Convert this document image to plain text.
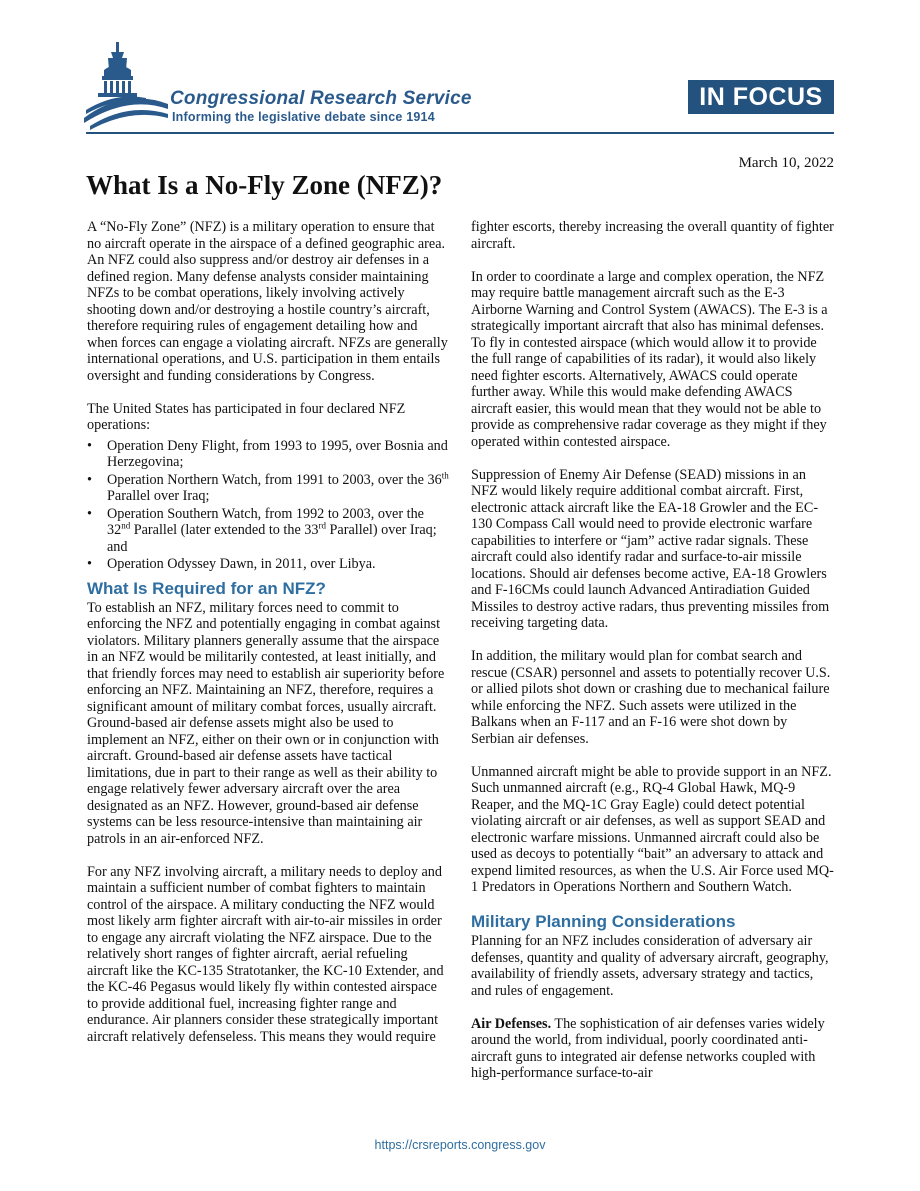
Congressional Research Service
Informing the legislative debate since 1914
IN FOCUS
March 10, 2022
What Is a No-Fly Zone (NFZ)?

A “No-Fly Zone” (NFZ) is a military operation to ensure that no aircraft operate in the airspace of a defined geographic area. An NFZ could also suppress and/or destroy air defenses in a defined region. Many defense analysts consider maintaining NFZs to be combat operations, likely involving actively shooting down and/or destroying a hostile country’s aircraft, therefore requiring rules of engagement detailing how and when forces can engage a violating aircraft. NFZs are generally international operations, and U.S. participation in them entails oversight and funding considerations by Congress.

The United States has participated in four declared NFZ operations:

• Operation Deny Flight, from 1993 to 1995, over Bosnia and Herzegovina;
• Operation Northern Watch, from 1991 to 2003, over the 36th Parallel over Iraq;
• Operation Southern Watch, from 1992 to 2003, over the 32nd Parallel (later extended to the 33rd Parallel) over Iraq; and
• Operation Odyssey Dawn, in 2011, over Libya.
What Is Required for an NFZ?

To establish an NFZ, military forces need to commit to enforcing the NFZ and potentially engaging in combat against violators. Military planners generally assume that the airspace in an NFZ would be militarily contested, at least initially, and that friendly forces may need to establish air superiority before enforcing an NFZ. Maintaining an NFZ, therefore, requires a significant amount of military combat forces, usually aircraft. Ground-based air defense assets might also be used to implement an NFZ, either on their own or in conjunction with aircraft. Ground-based air defense assets have tactical limitations, due in part to their range as well as their ability to engage relatively fewer adversary aircraft over the area designated as an NFZ. However, ground-based air defense systems can be less resource-intensive than maintaining air patrols in an air-enforced NFZ.

For any NFZ involving aircraft, a military needs to deploy and maintain a sufficient number of combat fighters to maintain control of the airspace. A military conducting the NFZ would most likely arm fighter aircraft with air-to-air missiles in order to engage any aircraft violating the NFZ airspace. Due to the relatively short ranges of fighter aircraft, aerial refueling aircraft like the KC-135 Stratotanker, the KC-10 Extender, and the KC-46 Pegasus would likely fly within contested airspace to provide additional fuel, increasing fighter range and endurance. Air planners consider these strategically important aircraft relatively defenseless. This means they would require

fighter escorts, thereby increasing the overall quantity of fighter aircraft.

In order to coordinate a large and complex operation, the NFZ may require battle management aircraft such as the E-3 Airborne Warning and Control System (AWACS). The E-3 is a strategically important aircraft that also has minimal defenses. To fly in contested airspace (which would allow it to provide the full range of capabilities of its radar), it would also likely need fighter escorts. Alternatively, AWACS could operate further away. While this would make defending AWACS aircraft easier, this would mean that they would not be able to provide as comprehensive radar coverage as they might if they operated within contested airspace.

Suppression of Enemy Air Defense (SEAD) missions in an NFZ would likely require additional combat aircraft. First, electronic attack aircraft like the EA-18 Growler and the EC-130 Compass Call would need to provide electronic warfare capabilities to interfere or “jam” active radar signals. These aircraft could also identify radar and surface-to-air missile locations. Should air defenses become active, EA-18 Growlers and F-16CMs could launch Advanced Antiradiation Guided Missiles to destroy active radars, thus preventing missiles from receiving targeting data.

In addition, the military would plan for combat search and rescue (CSAR) personnel and assets to potentially recover U.S. or allied pilots shot down or crashing due to mechanical failure while enforcing the NFZ. Such assets were utilized in the Balkans when an F-117 and an F-16 were shot down by Serbian air defenses.

Unmanned aircraft might be able to provide support in an NFZ. Such unmanned aircraft (e.g., RQ-4 Global Hawk, MQ-9 Reaper, and the MQ-1C Gray Eagle) could detect potential violating aircraft or air defenses, as well as support SEAD and electronic warfare missions. Unmanned aircraft could also be used as decoys to potentially “bait” an adversary to attack and expend limited resources, as when the U.S. Air Force used MQ-1 Predators in Operations Northern and Southern Watch.

Military Planning Considerations

Planning for an NFZ includes consideration of adversary air defenses, quantity and quality of adversary aircraft, geography, availability of friendly assets, adversary strategy and tactics, and rules of engagement.

Air Defenses. The sophistication of air defenses varies widely around the world, from individual, poorly coordinated anti-aircraft guns to integrated air defense networks coupled with high-performance surface-to-air

https://crsreports.congress.gov
